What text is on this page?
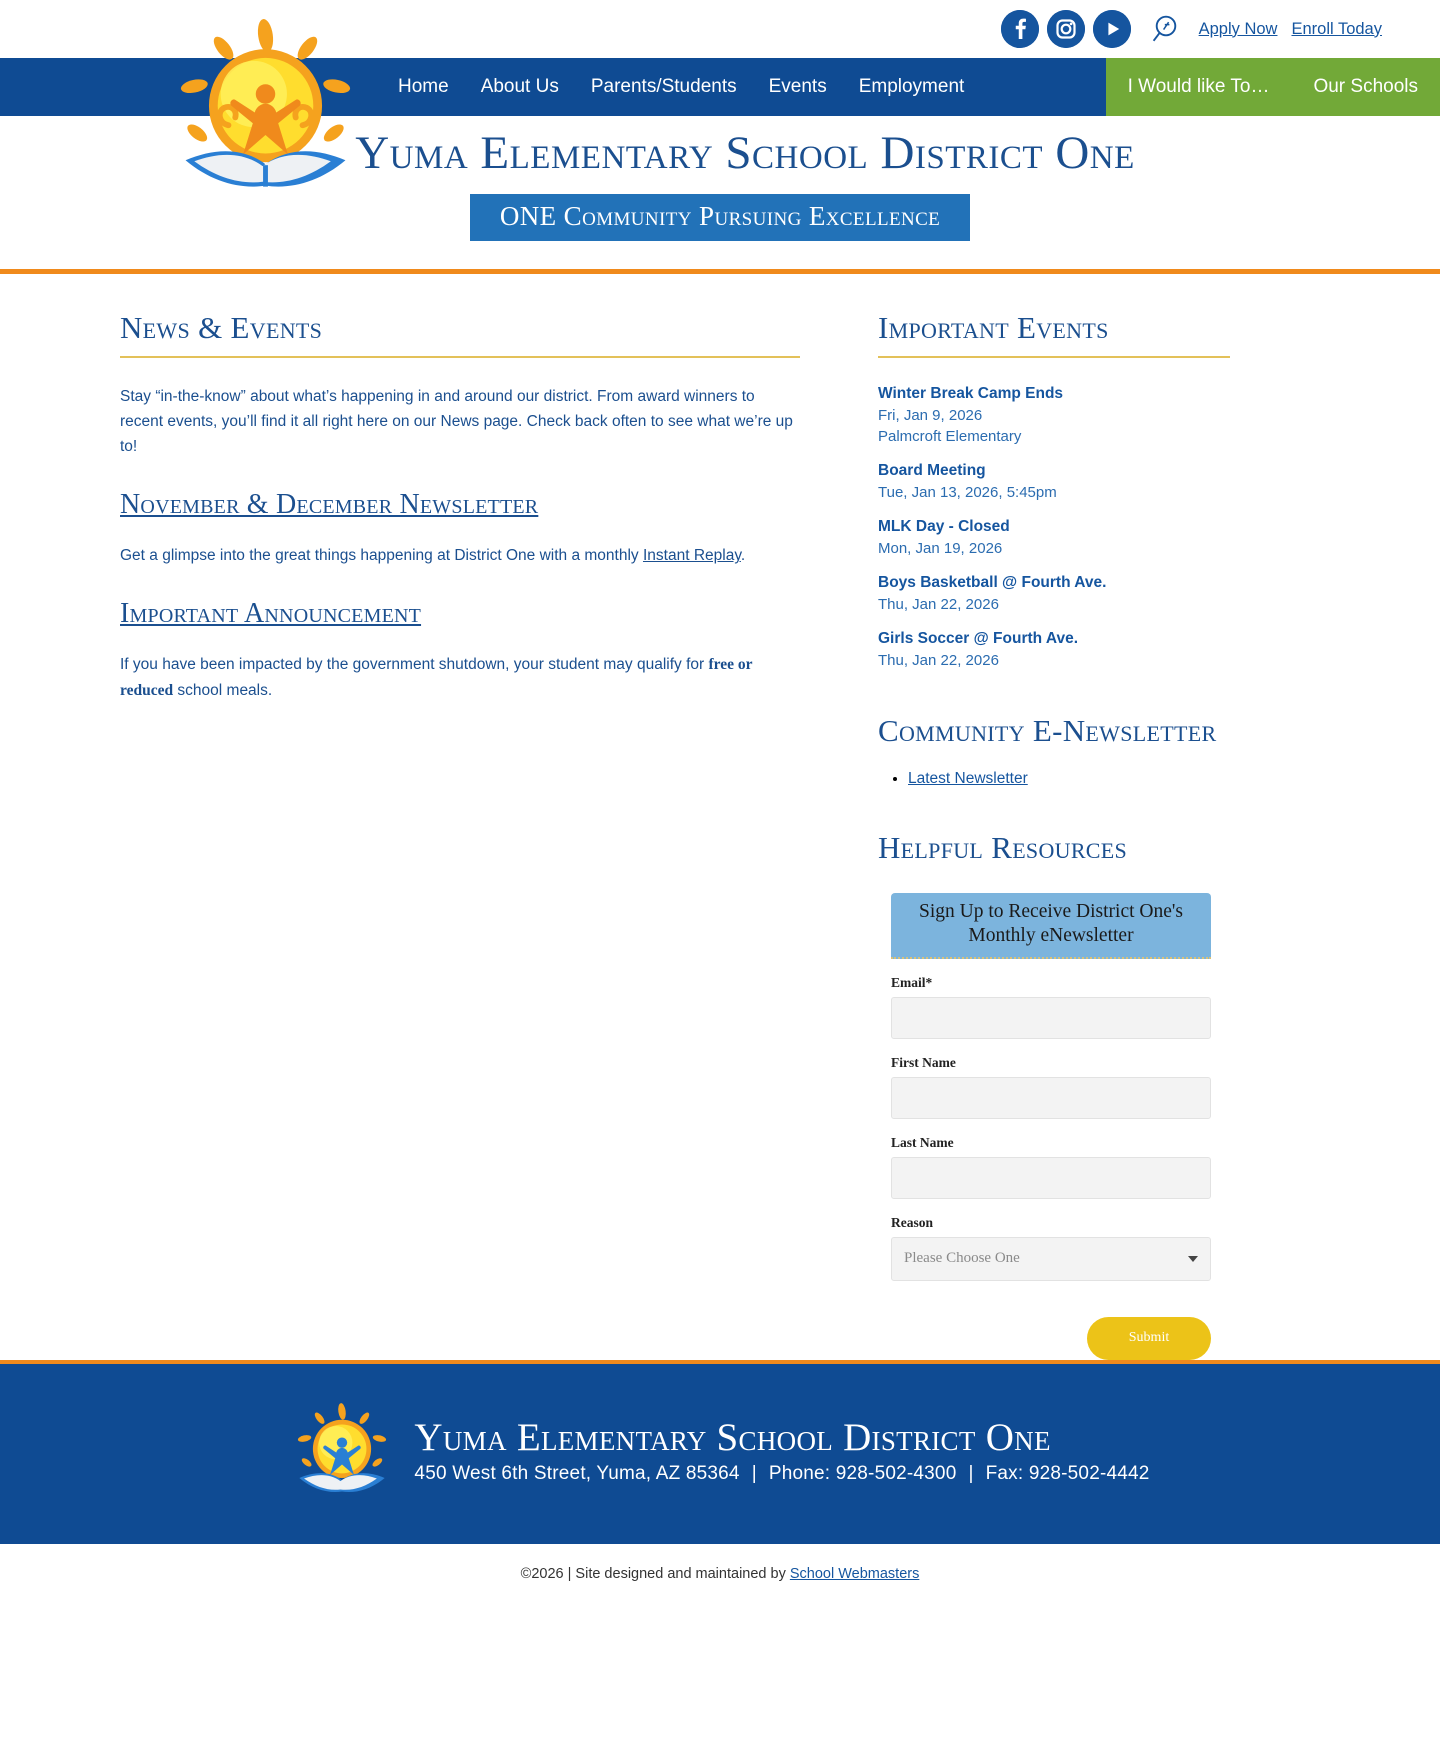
Apply Now Enroll Today
Home	About Us	Parents/Students	Events	Employment	I Would like To…	Our Schools
Yuma Elementary School District One
ONE Community Pursuing Excellence
News & Events

Stay “in-the-know” about what’s happening in and around our district. From award winners to recent events, you’ll find it all right here on our News page. Check back often to see what we’re up to!

November & December Newsletter

Get a glimpse into the great things happening at District One with a monthly Instant Replay.

Important Announcement

If you have been impacted by the government shutdown, your student may qualify for free or reduced school meals.

Important Events
Winter Break Camp Ends
Fri, Jan 9, 2026
Palmcroft Elementary
Board Meeting
Tue, Jan 13, 2026, 5:45pm
MLK Day - Closed
Mon, Jan 19, 2026
Boys Basketball @ Fourth Ave.
Thu, Jan 22, 2026
Girls Soccer @ Fourth Ave.
Thu, Jan 22, 2026
Community E-Newsletter
• Latest Newsletter
Helpful Resources
Sign Up to Receive District One's Monthly eNewsletter
Email*
First Name
Last Name
Reason
Please Choose One
Submit
Yuma Elementary School District One
450 West 6th Street, Yuma, AZ 85364 | Phone: 928-502-4300 | Fax: 928-502-4442
©2026 | Site designed and maintained by School Webmasters
